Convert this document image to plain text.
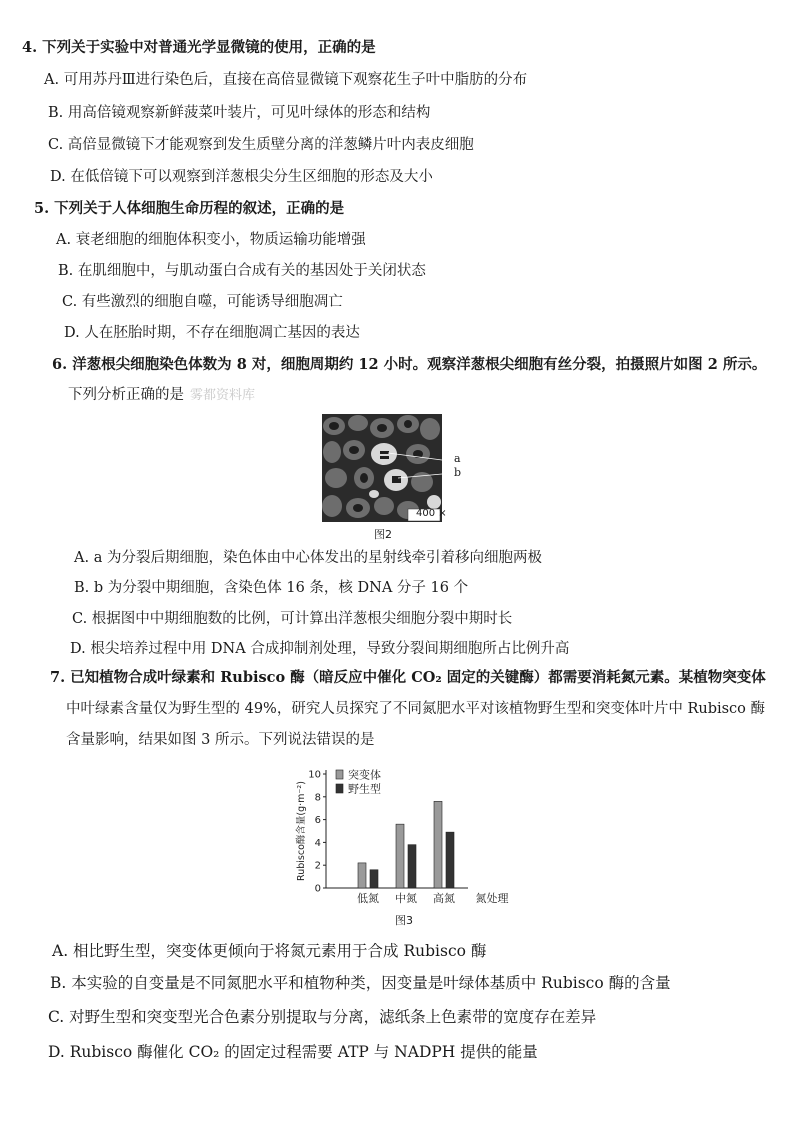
4. 下列关于实验中对普通光学显微镜的使用，正确的是
A. 可用苏丹Ⅲ进行染色后，直接在高倍显微镜下观察花生子叶中脂肪的分布
B. 用高倍镜观察新鲜菠菜叶装片，可见叶绿体的形态和结构
C. 高倍显微镜下才能观察到发生质壁分离的洋葱鳞片叶内表皮细胞
D. 在低倍镜下可以观察到洋葱根尖分生区细胞的形态及大小
5. 下列关于人体细胞生命历程的叙述，正确的是
A. 衰老细胞的细胞体积变小，物质运输功能增强
B. 在肌细胞中，与肌动蛋白合成有关的基因处于关闭状态
C. 有些激烈的细胞自噬，可能诱导细胞凋亡
D. 人在胚胎时期，不存在细胞凋亡基因的表达
6. 洋葱根尖细胞染色体数为 8 对，细胞周期约 12 小时。观察洋葱根尖细胞有丝分裂，拍摄照片如图 2 所示。
下列分析正确的是 雾都资料库
400 ×
a
b
图2
A. a 为分裂后期细胞，染色体由中心体发出的星射线牵引着移向细胞两极
B. b 为分裂中期细胞，含染色体 16 条，核 DNA 分子 16 个
C. 根据图中中期细胞数的比例，可计算出洋葱根尖细胞分裂中期时长
D. 根尖培养过程中用 DNA 合成抑制剂处理，导致分裂间期细胞所占比例升高
7. 已知植物合成叶绿素和 Rubisco 酶（暗反应中催化 CO₂ 固定的关键酶）都需要消耗氮元素。某植物突变体
中叶绿素含量仅为野生型的 49%，研究人员探究了不同氮肥水平对该植物野生型和突变体叶片中 Rubisco 酶
含量影响，结果如图 3 所示。下列说法错误的是
0
2
4
6
8
10
Rubisco酶含量(g·m⁻²)
低氮 中氮 高氮 氮处理
突变体
野生型
图3
A. 相比野生型，突变体更倾向于将氮元素用于合成 Rubisco 酶
B. 本实验的自变量是不同氮肥水平和植物种类，因变量是叶绿体基质中 Rubisco 酶的含量
C. 对野生型和突变型光合色素分别提取与分离，滤纸条上色素带的宽度存在差异
D. Rubisco 酶催化 CO₂ 的固定过程需要 ATP 与 NADPH 提供的能量
